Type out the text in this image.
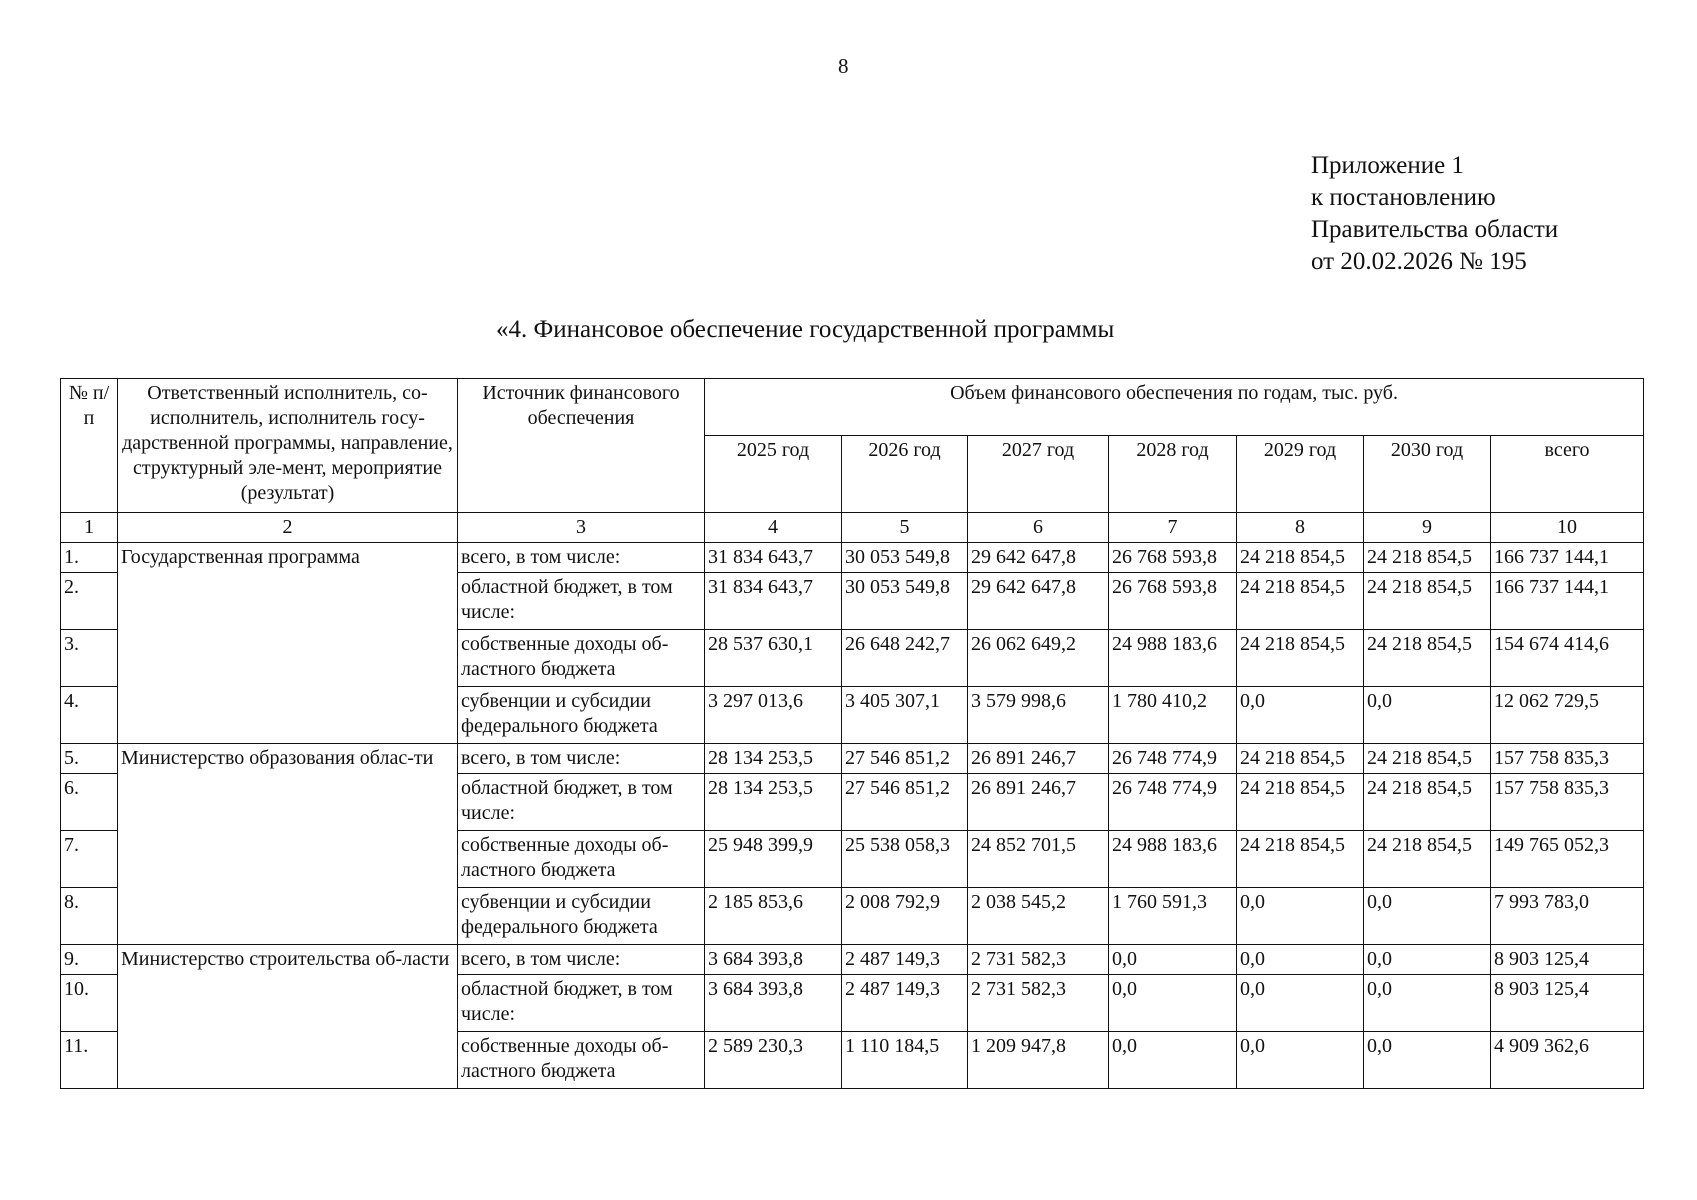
8
Приложение 1
к постановлению
Правительства области
от 20.02.2026 № 195
«4. Финансовое обеспечение государственной программы
№ п/п	Ответственный исполнитель, со-исполнитель, исполнитель госу-дарственной программы, направление, структурный эле-мент, мероприятие (результат)	Источник финансового обеспечения	Объем финансового обеспечения по годам, тыс. руб.						
			2025 год	2026 год	2027 год	2028 год	2029 год	2030 год	всего
1	2	3	4	5	6	7	8	9	10
1.	Государственная программа	всего, в том числе:	31 834 643,7	30 053 549,8	29 642 647,8	26 768 593,8	24 218 854,5	24 218 854,5	166 737 144,1
2.		областной бюджет, в том числе:	31 834 643,7	30 053 549,8	29 642 647,8	26 768 593,8	24 218 854,5	24 218 854,5	166 737 144,1
3.		собственные доходы об-ластного бюджета	28 537 630,1	26 648 242,7	26 062 649,2	24 988 183,6	24 218 854,5	24 218 854,5	154 674 414,6
4.		субвенции и субсидии федерального бюджета	3 297 013,6	3 405 307,1	3 579 998,6	1 780 410,2	0,0	0,0	12 062 729,5
5.	Министерство образования облас-ти	всего, в том числе:	28 134 253,5	27 546 851,2	26 891 246,7	26 748 774,9	24 218 854,5	24 218 854,5	157 758 835,3
6.		областной бюджет, в том числе:	28 134 253,5	27 546 851,2	26 891 246,7	26 748 774,9	24 218 854,5	24 218 854,5	157 758 835,3
7.		собственные доходы об-ластного бюджета	25 948 399,9	25 538 058,3	24 852 701,5	24 988 183,6	24 218 854,5	24 218 854,5	149 765 052,3
8.		субвенции и субсидии федерального бюджета	2 185 853,6	2 008 792,9	2 038 545,2	1 760 591,3	0,0	0,0	7 993 783,0
9.	Министерство строительства об-ласти	всего, в том числе:	3 684 393,8	2 487 149,3	2 731 582,3	0,0	0,0	0,0	8 903 125,4
10.		областной бюджет, в том числе:	3 684 393,8	2 487 149,3	2 731 582,3	0,0	0,0	0,0	8 903 125,4
11.		собственные доходы об-ластного бюджета	2 589 230,3	1 110 184,5	1 209 947,8	0,0	0,0	0,0	4 909 362,6
